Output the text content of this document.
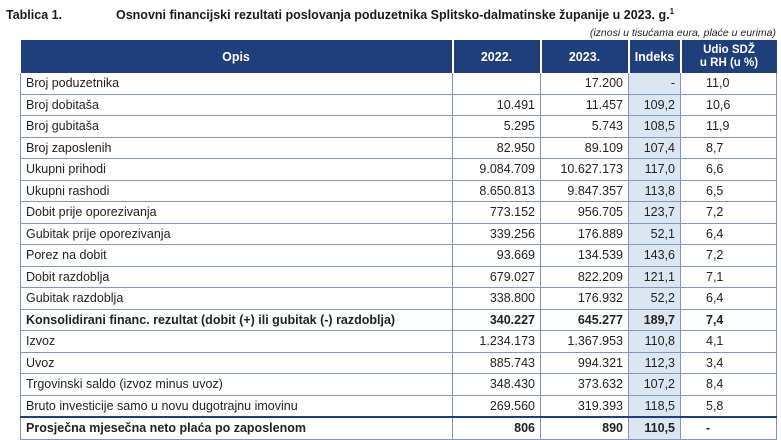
Tablica 1.	Osnovni financijski rezultati poslovanja poduzetnika Splitsko-dalmatinske županije u 2023. g.$^1$
(iznosi u tisućama eura, plaće u eurima)
Opis	2022.	2023.	Indeks	Udio SDŽ
u RH (u %)
Broj poduzetnika		17.200	-	11,0
Broj dobitaša	10.491	11.457	109,2	10,6
Broj gubitaša	5.295	5.743	108,5	11,9
Broj zaposlenih	82.950	89.109	107,4	8,7
Ukupni prihodi	9.084.709	10.627.173	117,0	6,6
Ukupni rashodi	8.650.813	9.847.357	113,8	6,5
Dobit prije oporezivanja	773.152	956.705	123,7	7,2
Gubitak prije oporezivanja	339.256	176.889	52,1	6,4
Porez na dobit	93.669	134.539	143,6	7,2
Dobit razdoblja	679.027	822.209	121,1	7,1
Gubitak razdoblja	338.800	176.932	52,2	6,4
Konsolidirani financ. rezultat (dobit (+) ili gubitak (-) razdoblja)	340.227	645.277	189,7	7,4
Izvoz	1.234.173	1.367.953	110,8	4,1
Uvoz	885.743	994.321	112,3	3,4
Trgovinski saldo (izvoz minus uvoz)	348.430	373.632	107,2	8,4
Bruto investicije samo u novu dugotrajnu imovinu	269.560	319.393	118,5	5,8
Prosječna mjesečna neto plaća po zaposlenom	806	890	110,5	-
